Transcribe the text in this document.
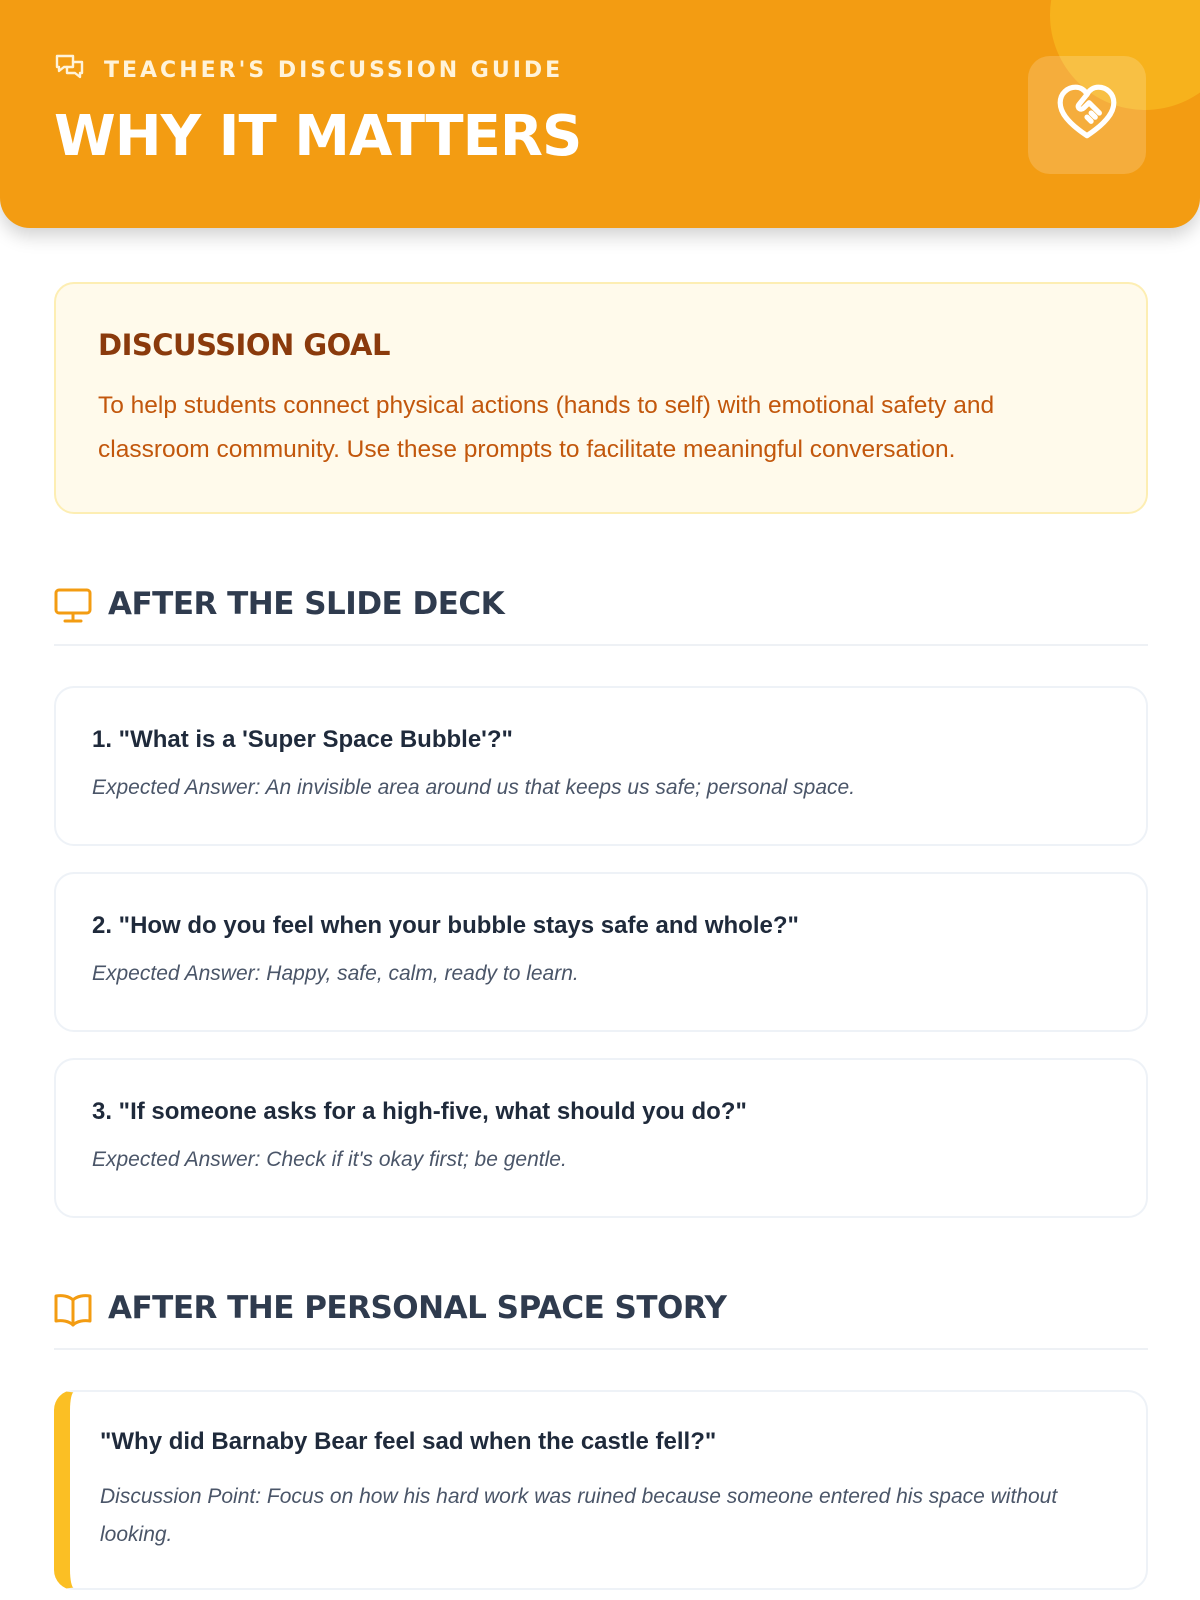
TEACHER'S DISCUSSION GUIDE
WHY IT MATTERS
DISCUSSION GOAL
To help students connect physical actions (hands to self) with emotional safety and classroom community. Use these prompts to facilitate meaningful conversation.
AFTER THE SLIDE DECK
1. "What is a 'Super Space Bubble'?"
Expected Answer: An invisible area around us that keeps us safe; personal space.
2. "How do you feel when your bubble stays safe and whole?"
Expected Answer: Happy, safe, calm, ready to learn.
3. "If someone asks for a high-five, what should you do?"
Expected Answer: Check if it's okay first; be gentle.
AFTER THE PERSONAL SPACE STORY
"Why did Barnaby Bear feel sad when the castle fell?"
Discussion Point: Focus on how his hard work was ruined because someone entered his space without looking.
